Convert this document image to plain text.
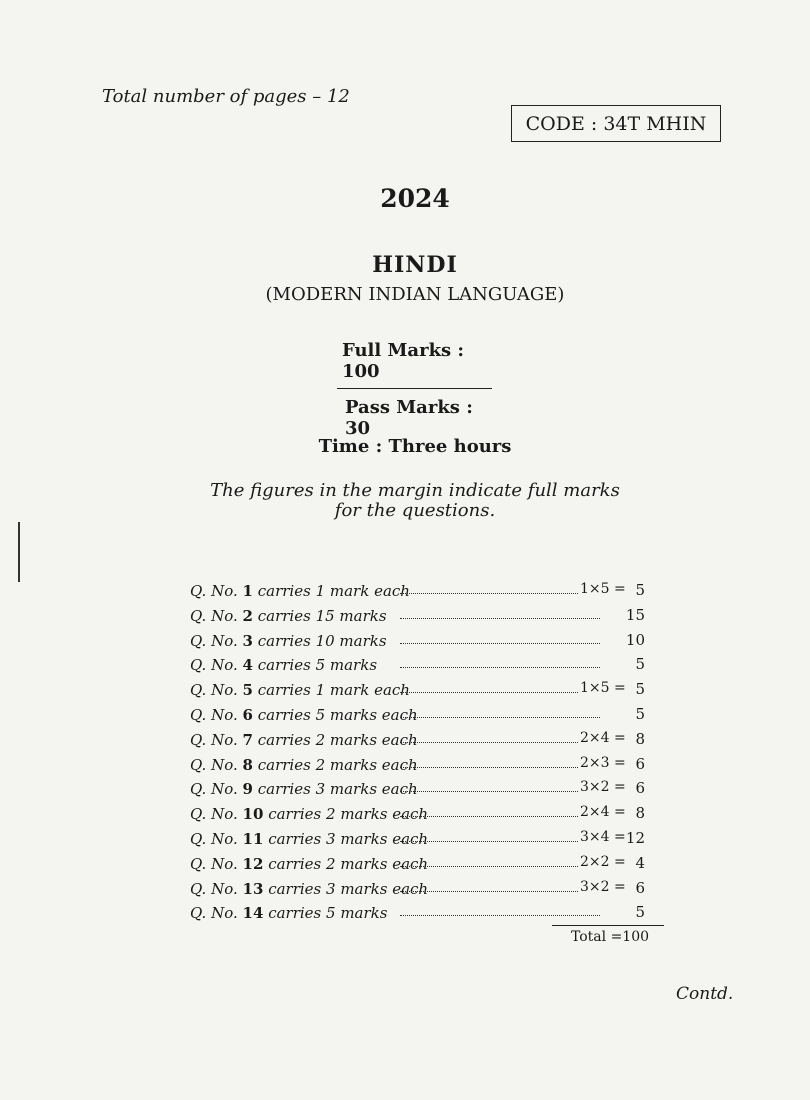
Total number of pages – 12
CODE : 34T MHIN
2024
HINDI
(MODERN INDIAN LANGUAGE)
Full Marks : 100
Pass Marks : 30
Time : Three hours
The figures in the margin indicate full marks
for the questions.
Q. No. 1 carries 1 mark each	1×5 = 5
Q. No. 2 carries 15 marks	15
Q. No. 3 carries 10 marks	10
Q. No. 4 carries 5 marks	5
Q. No. 5 carries 1 mark each	1×5 = 5
Q. No. 6 carries 5 marks each	5
Q. No. 7 carries 2 marks each	2×4 = 8
Q. No. 8 carries 2 marks each	2×3 = 6
Q. No. 9 carries 3 marks each	3×2 = 6
Q. No. 10 carries 2 marks each	2×4 = 8
Q. No. 11 carries 3 marks each	3×4 = 12
Q. No. 12 carries 2 marks each	2×2 = 4
Q. No. 13 carries 3 marks each	3×2 = 6
Q. No. 14 carries 5 marks	5
Total =100
Contd.
